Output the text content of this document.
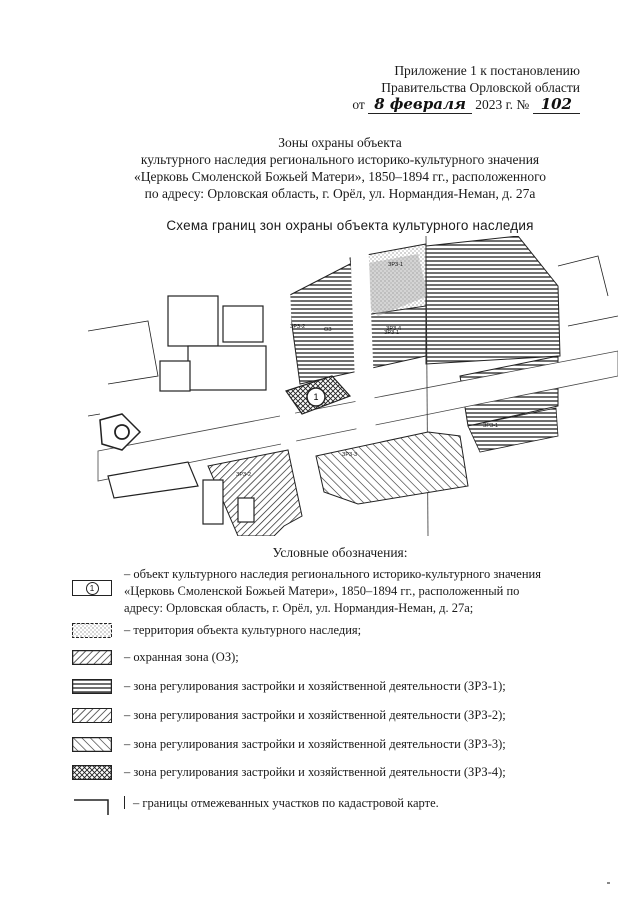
Приложение 1 к постановлению
Правительства Орловской области
от 8 февраля 2023 г. № 102
Зоны охраны объекта
культурного наследия регионального историко-культурного значения
«Церковь Смоленской Божьей Матери», 1850–1894 гг., расположенного
по адресу: Орловская область, г. Орёл, ул. Нормандия-Неман, д. 27а
Схема границ зон охраны объекта культурного наследия
1
ЗРЗ-1
ЗРЗ-1
ЗРЗ-2	ЗРЗ-4
ОЗ
ЗРЗ-1
ЗРЗ-3
ЗРЗ-2
Условные обозначения:
1
– объект культурного наследия регионального историко-культурного значения
«Церковь Смоленской Божьей Матери», 1850–1894 гг., расположенный по
адресу: Орловская область, г. Орёл, ул. Нормандия-Неман, д. 27а;
– территория объекта культурного наследия;
– охранная зона (ОЗ);
– зона регулирования застройки и хозяйственной деятельности (ЗРЗ-1);
– зона регулирования застройки и хозяйственной деятельности (ЗРЗ-2);
– зона регулирования застройки и хозяйственной деятельности (ЗРЗ-3);
– зона регулирования застройки и хозяйственной деятельности (ЗРЗ-4);
– границы отмежеванных участков по кадастровой карте.
